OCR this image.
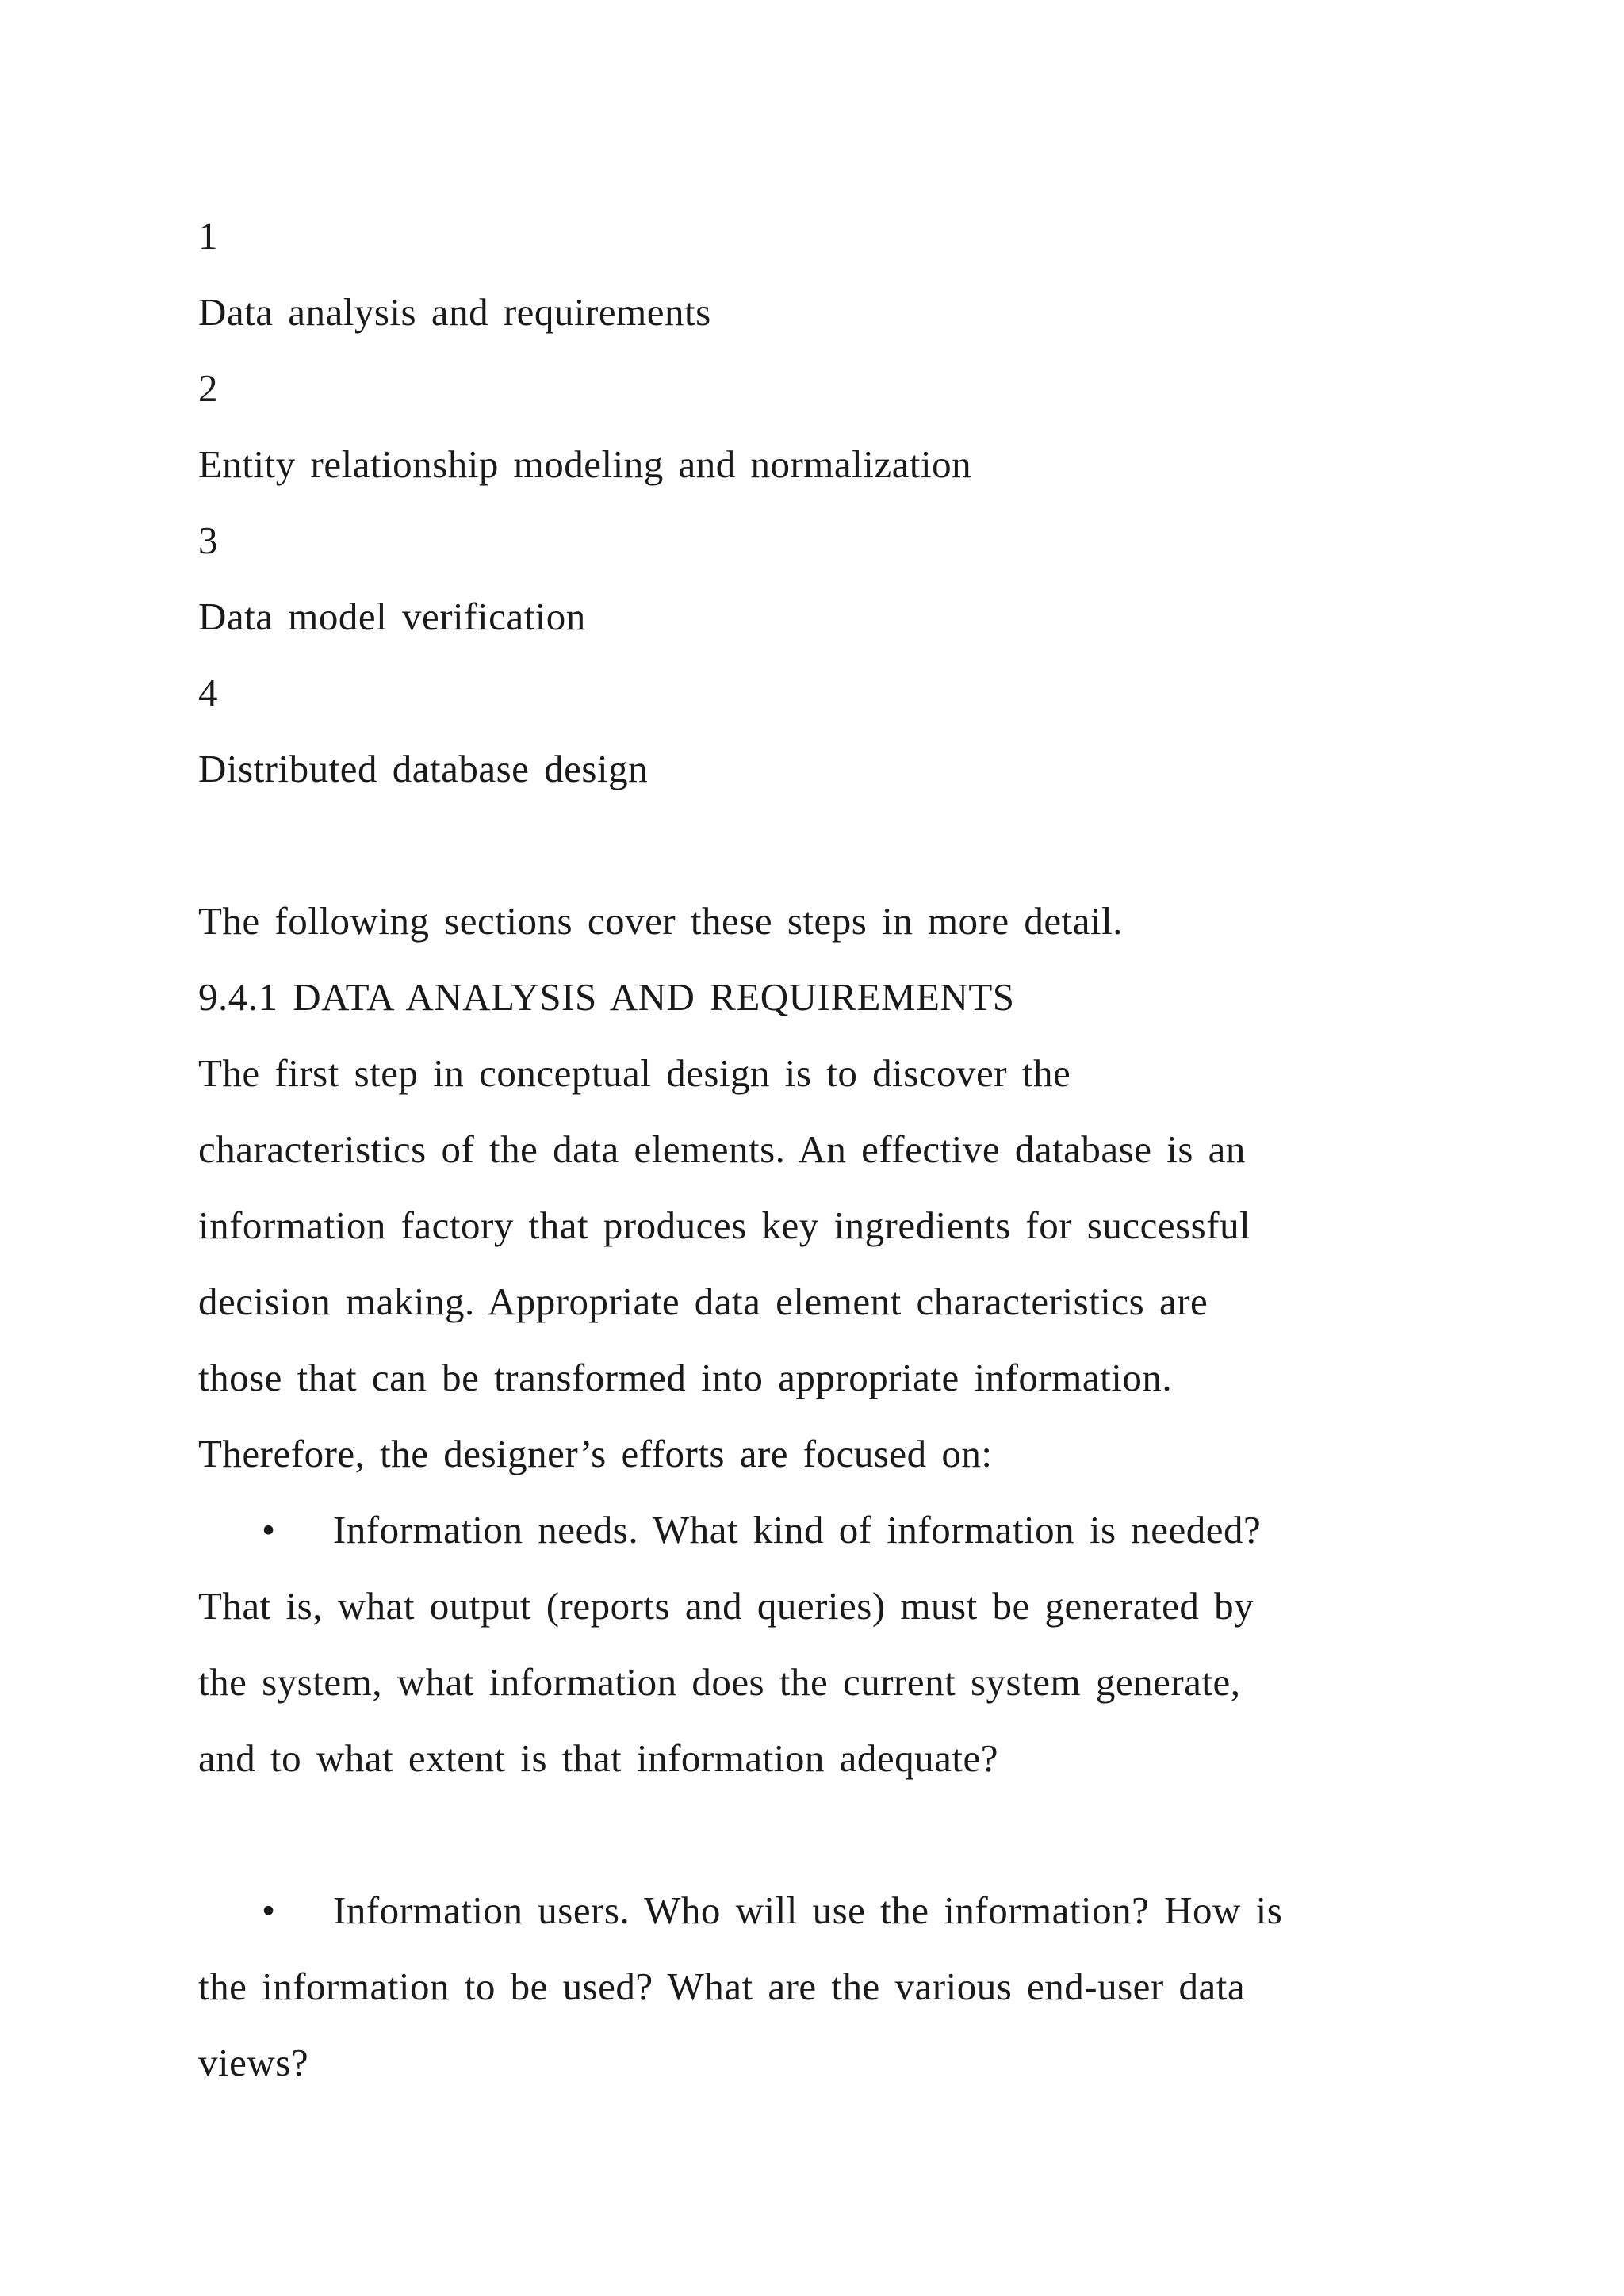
1
Data analysis and requirements
2
Entity relationship modeling and normalization
3
Data model verification
4
Distributed database design
The following sections cover these steps in more detail.
9.4.1 DATA ANALYSIS AND REQUIREMENTS
The first step in conceptual design is to discover the
characteristics of the data elements. An effective database is an
information factory that produces key ingredients for successful
decision making. Appropriate data element characteristics are
those that can be transformed into appropriate information.
Therefore, the designer’s efforts are focused on:
• Information needs. What kind of information is needed?
That is, what output (reports and queries) must be generated by
the system, what information does the current system generate,
and to what extent is that information adequate?
• Information users. Who will use the information? How is
the information to be used? What are the various end-user data
views?
